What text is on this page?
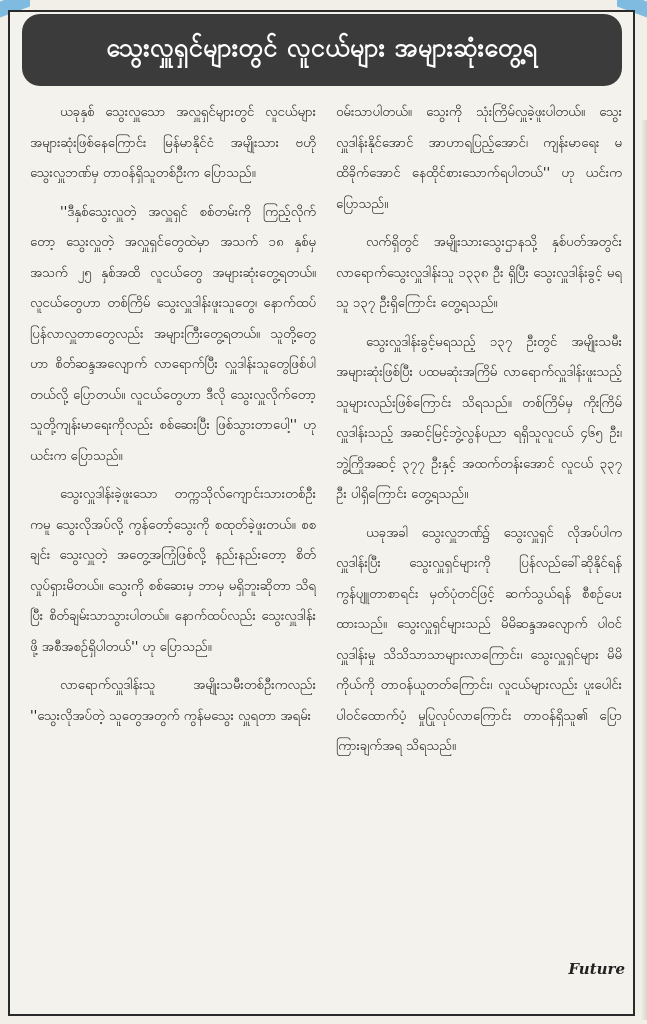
သွေးလှူရှင်များတွင် လူငယ်များ အများဆုံးတွေ့ရ

ယခုနှစ် သွေးလှူသော အလှူရှင်များတွင် လူငယ်များ အများဆုံးဖြစ်နေကြောင်း မြန်မာနိုင်ငံ အမျိုးသား ဗဟိုသွေးလှူဘဏ်မှ တာဝန်ရှိသူတစ်ဦးက ပြောသည်။

''ဒီနှစ်သွေးလှူတဲ့ အလှူရှင် စစ်တမ်းကို ကြည့်လိုက်တော့ သွေးလှူတဲ့ အလှူရှင်တွေထဲမှာ အသက် ၁၈ နှစ်မှ အသက် ၂၅ နှစ်အထိ လူငယ်တွေ အများဆုံးတွေ့ရတယ်။ လူငယ်တွေဟာ တစ်ကြိမ် သွေးလှူဒါန်းဖူးသူတွေ၊ နောက်ထပ် ပြန်လာလှူတာတွေလည်း အများကြီးတွေ့ရတယ်။ သူတို့တွေဟာ စိတ်ဆန္ဒအလျောက် လာရောက်ပြီး လှူဒါန်းသူတွေဖြစ်ပါတယ်လို့ ပြောတယ်။ လူငယ်တွေဟာ ဒီလို သွေးလှူလိုက်တော့ သူတို့ကျန်းမာရေးကိုလည်း စစ်ဆေးပြီး ဖြစ်သွားတာပေါ့'' ဟု ယင်းက ပြောသည်။

သွေးလှူဒါန်းခဲ့ဖူးသော တက္ကသိုလ်ကျောင်းသားတစ်ဦးကမူ သွေးလိုအပ်လို့ ကွန်တော့်သွေးကို စထုတ်ခဲ့ဖူးတယ်။ စစချင်း သွေးလှူတဲ့ အတွေ့အကြုံဖြစ်လို့ နည်းနည်းတော့ စိတ်လှုပ်ရှားမိတယ်။ သွေးကို စစ်ဆေးမှ ဘာမှ မရှိဘူးဆိုတာ သိရပြီး စိတ်ချမ်းသာသွားပါတယ်။ နောက်ထပ်လည်း သွေးလှူဒါန်းဖို့ အစီအစဉ်ရှိပါတယ်'' ဟု ပြောသည်။

လာရောက်လှူဒါန်းသူ အမျိုးသမီးတစ်ဦးကလည်း ''သွေးလိုအပ်တဲ့ သူတွေအတွက် ကွန်မသွေး လှူရတာ အရမ်း

ဝမ်းသာပါတယ်။ သွေးကို သုံးကြိမ်လှူခဲ့ဖူးပါတယ်။ သွေးလှူဒါန်းနိုင်အောင် အာဟာရပြည့်အောင်၊ ကျန်းမာရေး မထိခိုက်အောင် နေထိုင်စားသောက်ရပါတယ်'' ဟု ယင်းက ပြောသည်။

လက်ရှိတွင် အမျိုးသားသွေးဌာနသို့ နှစ်ပတ်အတွင်း လာရောက်သွေးလှူဒါန်းသူ ၁၃၃၈ ဦး ရှိပြီး သွေးလှူဒါန်းခွင့် မရသူ ၁၃၇ ဦးရှိကြောင်း တွေ့ရသည်။

သွေးလှူဒါန်းခွင့်မရသည့် ၁၃၇ ဦးတွင် အမျိုးသမီး အများဆုံးဖြစ်ပြီး ပထမဆုံးအကြိမ် လာရောက်လှူဒါန်းဖူးသည့်သူများလည်းဖြစ်ကြောင်း သိရသည်။ တစ်ကြိမ်မှ ကိုးကြိမ် လှူဒါန်းသည့် အဆင့်မြင့်ဘွဲ့လွန်ပညာ ရရှိသူလူငယ် ၄၆၅ ဦး၊ ဘွဲ့ကြိုအဆင့် ၃၇၇ ဦးနှင့် အထက်တန်းအောင် လူငယ် ၃၃၇ ဦး ပါရှိကြောင်း တွေ့ရသည်။

ယခုအခါ သွေးလှူဘဏ်၌ သွေးလှူရှင် လိုအပ်ပါက လှူဒါန်းပြီး သွေးလှူရှင်များကို ပြန်လည်ခေါ်ဆိုနိုင်ရန် ကွန်ပျူတာစာရင်း မှတ်ပုံတင်ဖြင့် ဆက်သွယ်ရန် စီစဉ်ပေးထားသည်။ သွေးလှူရှင်များသည် မိမိဆန္ဒအလျောက် ပါဝင်လှူဒါန်းမှု သိသိသာသာများလာကြောင်း၊ သွေးလှူရှင်များ မိမိကိုယ်ကို တာဝန်ယူတတ်ကြောင်း၊ လူငယ်များလည်း ပူးပေါင်းပါဝင်ထောက်ပံ့ မှုပြုလုပ်လာကြောင်း တာဝန်ရှိသူ၏ ပြောကြားချက်အရ သိရသည်။

Future
